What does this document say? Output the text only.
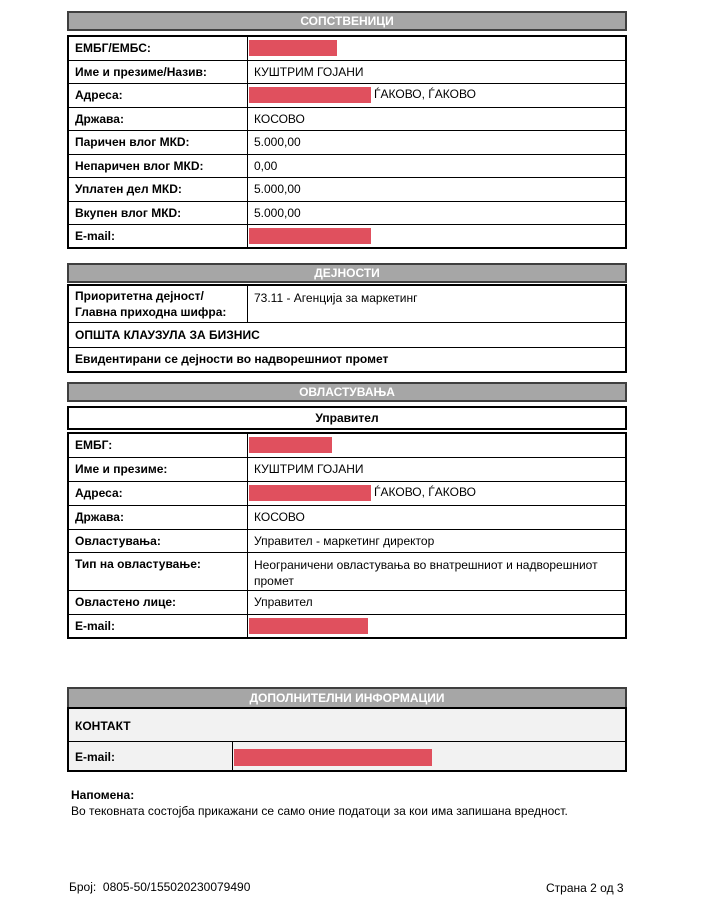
СОПСТВЕНИЦИ
ЕМБГ/ЕМБС:	
Име и презиме/Назив:	КУШТРИМ ГОЈАНИ
Адреса:	ЃАКОВО, ЃАКОВО
Држава:	КОСОВО
Паричен влог МКD:	5.000,00
Непаричен влог МКD:	0,00
Уплатен дел МКD:	5.000,00
Вкупен влог МКD:	5.000,00
E-mail:	
ДЕЈНОСТИ
Приоритетна дејност/ Главна приходна шифра:	73.11 - Агенција за маркетинг
ОПШТА КЛАУЗУЛА ЗА БИЗНИС
Евидентирани се дејности во надворешниот промет
ОВЛАСТУВАЊА
Управител
ЕМБГ:	
Име и презиме:	КУШТРИМ ГОЈАНИ
Адреса:	ЃАКОВО, ЃАКОВО
Држава:	КОСОВО
Овластувања:	Управител - маркетинг директор
Тип на овластување:	Неограничени овластувања во внатрешниот и надворешниот промет
Овластено лице:	Управител
E-mail:	
ДОПОЛНИТЕЛНИ ИНФОРМАЦИИ
КОНТАКТ
E-mail:
Напомена:
Во тековната состојба прикажани се само оние податоци за кои има запишана вредност.
Број:  0805-50/155020230079490	Страна 2 од 3
